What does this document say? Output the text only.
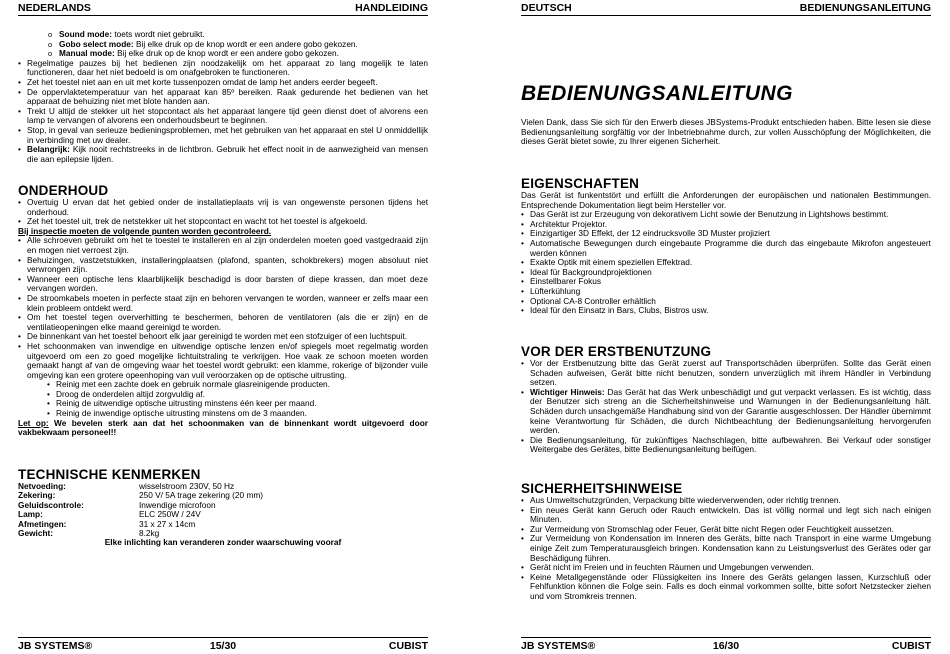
NEDERLANDS	HANDLEIDING
o Sound mode: toets wordt niet gebruikt.
o Gobo select mode: Bij elke druk op de knop wordt er een andere gobo gekozen.
o Manual mode: Bij elke druk op de knop wordt er een andere gobo gekozen.
• Regelmatige pauzes bij het bedienen zijn noodzakelijk om het apparaat zo lang mogelijk te laten functioneren, daar het niet bedoeld is om onafgebroken te functioneren.
• Zet het toestel niet aan en uit met korte tussenpozen omdat de lamp het anders eerder begeeft.
• De oppervlaktetemperatuur van het apparaat kan 85º bereiken. Raak gedurende het bedienen van het apparaat de behuizing niet met blote handen aan.
• Trekt U altijd de stekker uit het stopcontact als het apparaat langere tijd geen dienst doet of alvorens een lamp te vervangen of alvorens een onderhoudsbeurt te beginnen.
• Stop, in geval van serieuze bedieningsproblemen, met het gebruiken van het apparaat en stel U onmiddellijk in verbinding met uw dealer.
• Belangrijk: Kijk nooit rechtstreeks in de lichtbron. Gebruik het effect nooit in de aanwezigheid van mensen die aan epilepsie lijden.
ONDERHOUD
• Overtuig U ervan dat het gebied onder de installatieplaats vrij is van ongewenste personen tijdens het onderhoud.
• Zet het toestel uit, trek de netstekker uit het stopcontact en wacht tot het toestel is afgekoeld.

Bij inspectie moeten de volgende punten worden gecontroleerd.

• Alle schroeven gebruikt om het te toestel te installeren en al zijn onderdelen moeten goed vastgedraaid zijn en mogen niet verroest zijn.
• Behuizingen, vastzetstukken, installeringplaatsen (plafond, spanten, schokbrekers) mogen absoluut niet verwrongen zijn.
• Wanneer een optische lens klaarblijkelijk beschadigd is door barsten of diepe krassen, dan moet deze vervangen worden.
• De stroomkabels moeten in perfecte staat zijn en behoren vervangen te worden, wanneer er zelfs maar een klein probleem ontdekt werd.
• Om het toestel tegen oververhitting te beschermen, behoren de ventilatoren (als die er zijn) en de ventilatieopeningen elke maand gereinigd te worden.
• De binnenkant van het toestel behoort elk jaar gereinigd te worden met een stofzuiger of een luchtspuit.
• Het schoonmaken van inwendige en uitwendige optische lenzen en/of spiegels moet regelmatig worden uitgevoerd om een zo goed mogelijke lichtuitstraling te verkrijgen. Hoe vaak ze schoon moeten worden gemaakt hangt af van de omgeving waar het toestel wordt gebruikt: een klamme, rokerige of bijzonder vuile omgeving kan een grotere opeenhoping van vuil veroorzaken op de optische uitrusting.
• Reinig met een zachte doek en gebruik normale glasreinigende producten.
• Droog de onderdelen altijd zorgvuldig af.
• Reinig de uitwendige optische uitrusting minstens één keer per maand.
• Reinig de inwendige optische uitrusting minstens om de 3 maanden.

Let op: We bevelen sterk aan dat het schoonmaken van de binnenkant wordt uitgevoerd door vakbekwaam personeel!!

TECHNISCHE KENMERKEN
Netvoeding:	wisselstroom 230V, 50 Hz
Zekering:	250 V/ 5A trage zekering (20 mm)
Geluidscontrole:	Inwendige microfoon
Lamp:	ELC 250W / 24V
Afmetingen:	31 x 27 x 14cm
Gewicht:	8.2kg

Elke inlichting kan veranderen zonder waarschuwing vooraf

JB SYSTEMS®	15/30	CUBIST
DEUTSCH	BEDIENUNGSANLEITUNG
BEDIENUNGSANLEITUNG

Vielen Dank, dass Sie sich für den Erwerb dieses JBSystems-Produkt entschieden haben. Bitte lesen sie diese Bedienungsanleitung sorgfältig vor der Inbetriebnahme durch, zur vollen Ausschöpfung der Möglichkeiten, die dieses Gerät bietet sowie, zu Ihrer eigenen Sicherheit.

EIGENSCHAFTEN

Das Gerät ist funkentstört und erfüllt die Anforderungen der europäischen und nationalen Bestimmungen. Entsprechende Dokumentation liegt beim Hersteller vor.

• Das Gerät ist zur Erzeugung von dekorativem Licht sowie der Benutzung in Lightshows bestimmt.
• Architektur Projektor.
• Einzigartiger 3D Effekt, der 12 eindrucksvolle 3D Muster projiziert
• Automatische Bewegungen durch eingebaute Programme die durch das eingebaute Mikrofon angesteuert werden können
• Exakte Optik mit einem speziellen Effektrad.
• Ideal für Backgroundprojektionen
• Einstellbarer Fokus
• Lüfterkühlung
• Optional CA-8 Controller erhältlich
• Ideal für den Einsatz in Bars, Clubs, Bistros usw.
VOR DER ERSTBENUTZUNG
• Vor der Erstbenutzung bitte das Gerät zuerst auf Transportschäden überprüfen. Sollte das Gerät einen Schaden aufweisen, Gerät bitte nicht benutzen, sondern unverzüglich mit ihrem Händler in Verbindung setzen.
• Wichtiger Hinweis: Das Gerät hat das Werk unbeschädigt und gut verpackt verlassen. Es ist wichtig, dass der Benutzer sich streng an die Sicherheitshinweise und Warnungen in der Bedienungsanleitung hält. Schäden durch unsachgemäße Handhabung sind von der Garantie ausgeschlossen. Der Händler übernimmt keine Verantwortung für Schäden, die durch Nichtbeachtung der Bedienungsanleitung hervorgerufen werden.
• Die Bedienungsanleitung, für zukünftiges Nachschlagen, bitte aufbewahren. Bei Verkauf oder sonstiger Weitergabe des Gerätes, bitte Bedienungsanleitung beifügen.
SICHERHEITSHINWEISE
• Aus Umweltschutzgründen, Verpackung bitte wiederverwenden, oder richtig trennen.
• Ein neues Gerät kann Geruch oder Rauch entwickeln. Das ist völlig normal und legt sich nach einigen Minuten.
• Zur Vermeidung von Stromschlag oder Feuer, Gerät bitte nicht Regen oder Feuchtigkeit aussetzen.
• Zur Vermeidung von Kondensation im Inneren des Geräts, bitte nach Transport in eine warme Umgebung einige Zeit zum Temperaturausgleich bringen. Kondensation kann zu Leistungsverlust des Gerätes oder gar Beschädigung führen.
• Gerät nicht im Freien und in feuchten Räumen und Umgebungen verwenden.
• Keine Metallgegenstände oder Flüssigkeiten ins Innere des Geräts gelangen lassen, Kurzschluß oder Fehlfunktion können die Folge sein. Falls es doch einmal vorkommen sollte, bitte sofort Netzstecker ziehen und vom Stromkreis trennen.
JB SYSTEMS®	16/30	CUBIST
